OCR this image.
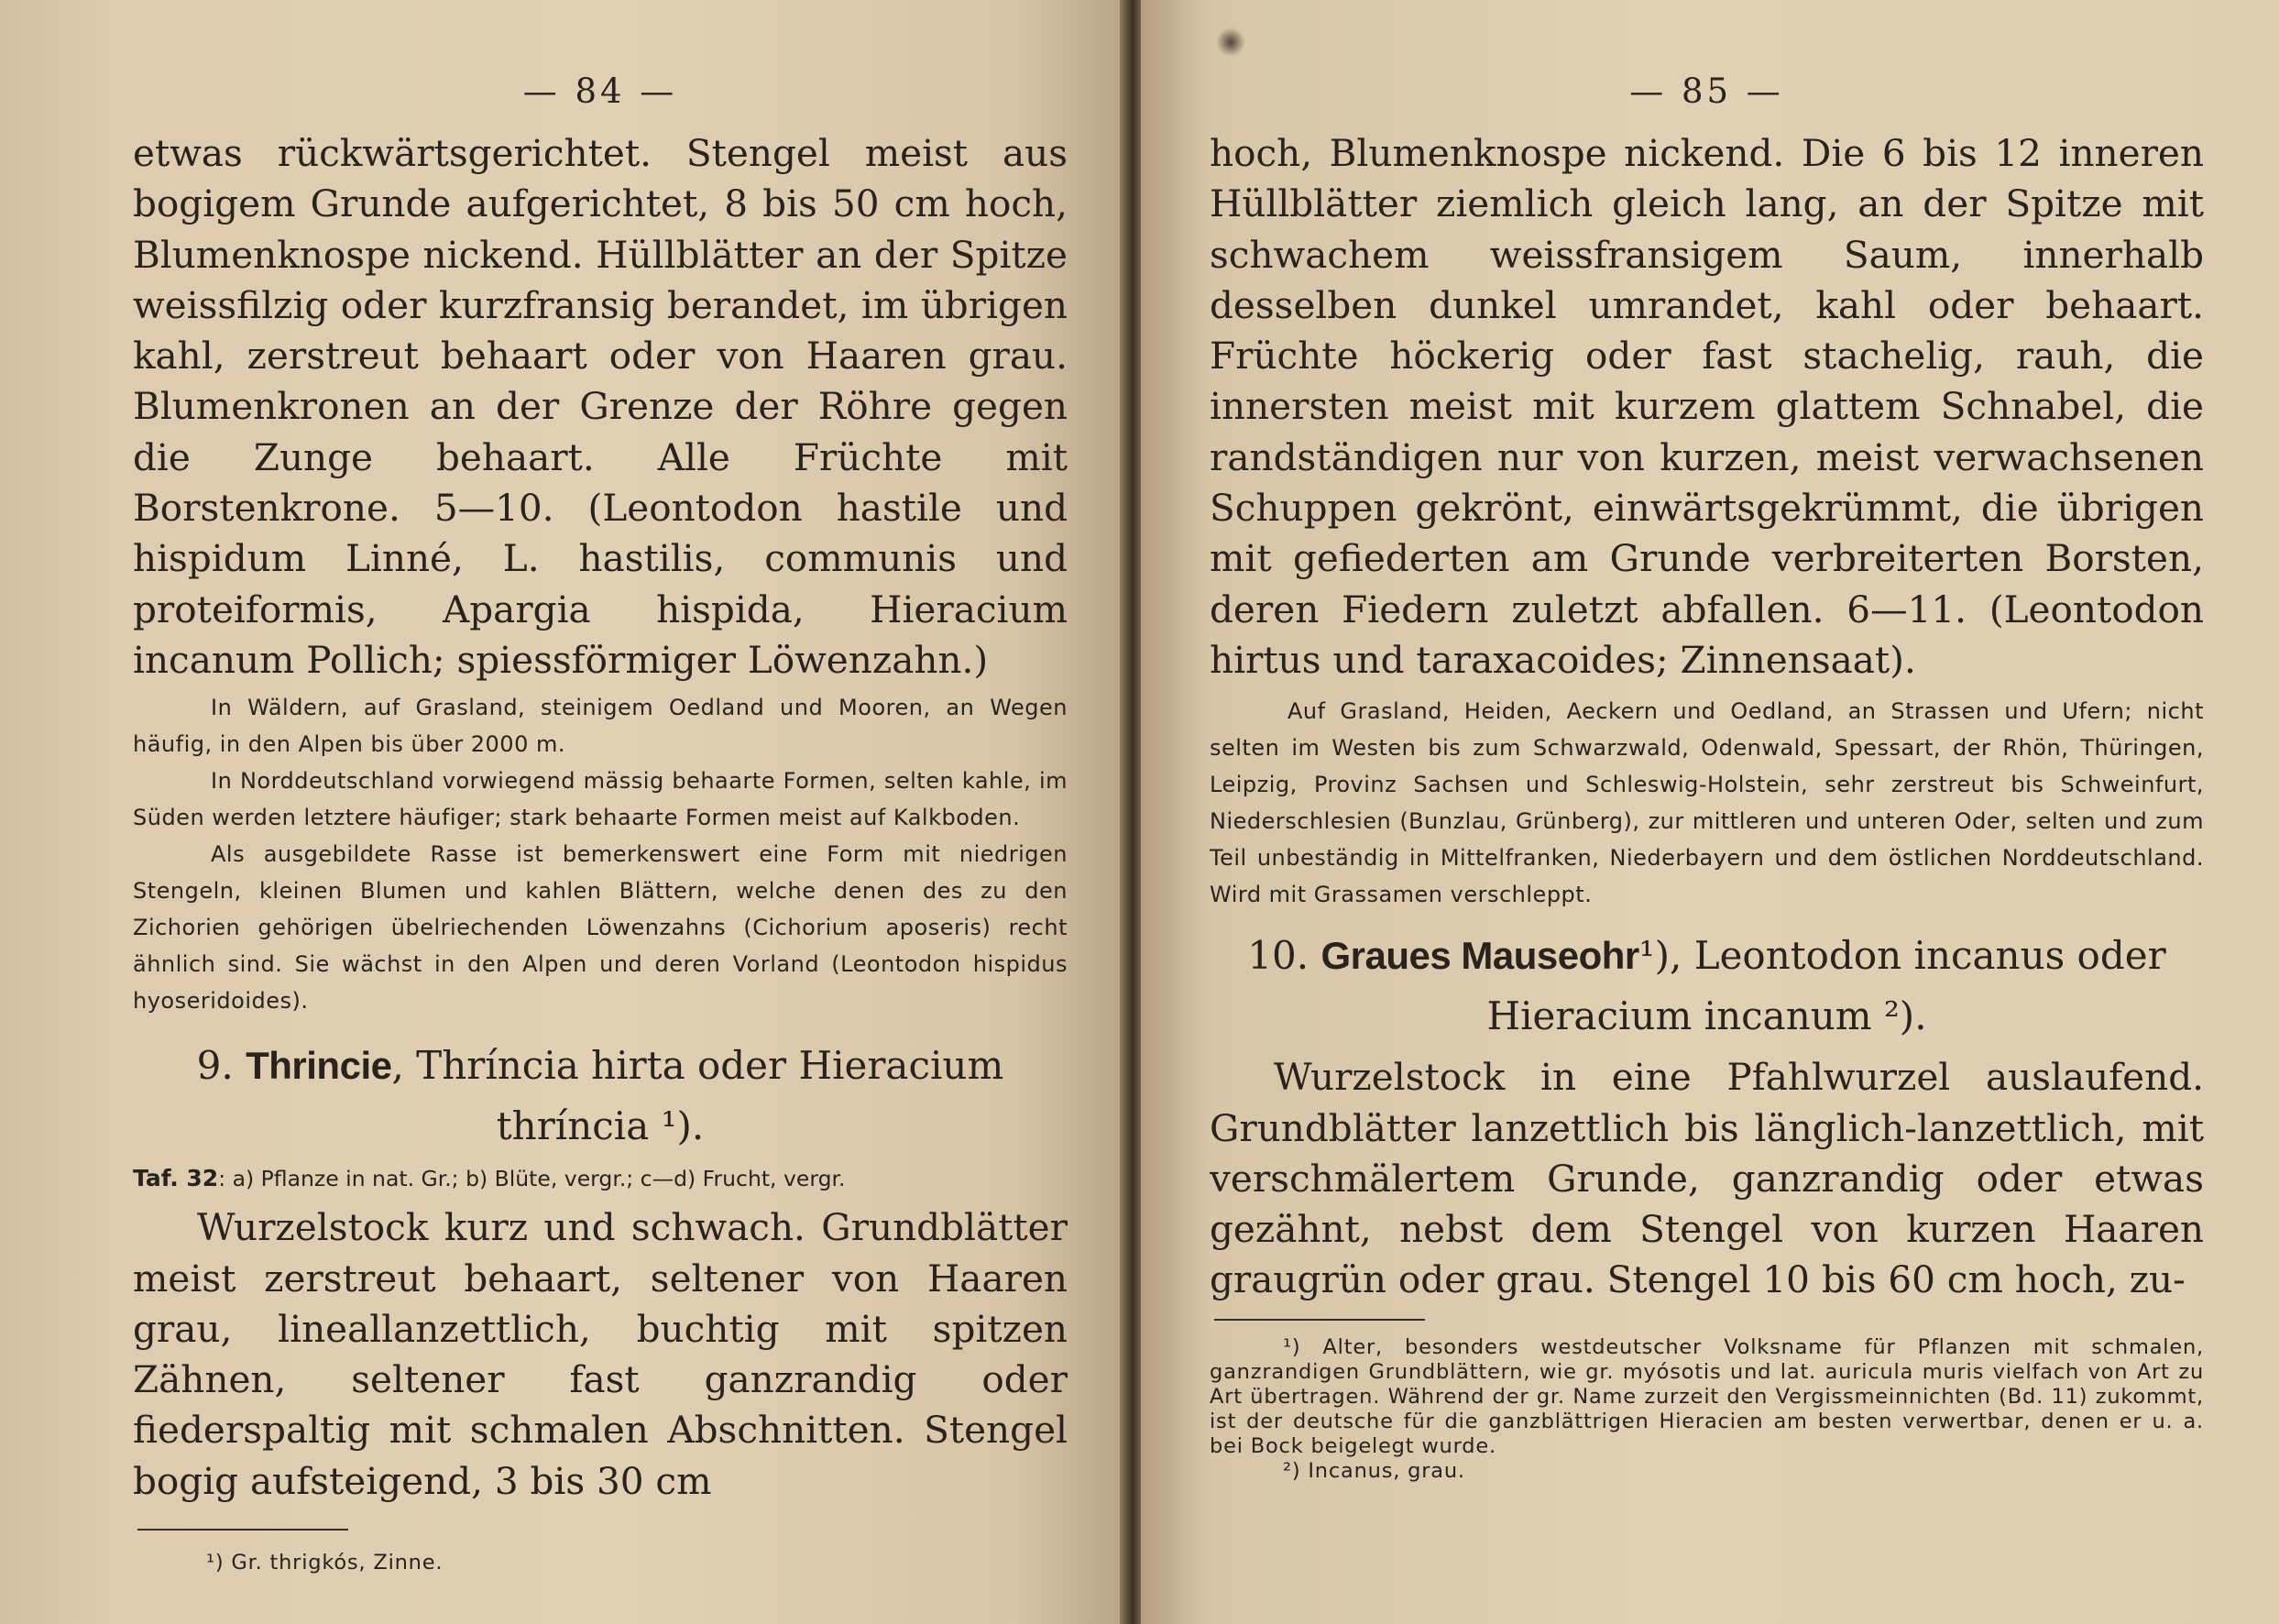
— 84 —

etwas rückwärtsgerichtet. Stengel meist aus bogigem Grunde aufgerichtet, 8 bis 50 cm hoch, Blumenknospe nickend. Hüllblätter an der Spitze weissfilzig oder kurzfransig berandet, im übrigen kahl, zerstreut behaart oder von Haaren grau. Blumenkronen an der Grenze der Röhre gegen die Zunge behaart. Alle Früchte mit Borstenkrone. 5—10. (Leontodon hastile und hispidum Linné, L. hastilis, communis und proteiformis, Apargia hispida, Hieracium incanum Pollich; spiessförmiger Löwenzahn.)

In Wäldern, auf Grasland, steinigem Oedland und Mooren, an Wegen häufig, in den Alpen bis über 2000 m.

In Norddeutschland vorwiegend mässig behaarte Formen, selten kahle, im Süden werden letztere häufiger; stark behaarte Formen meist auf Kalkboden.

Als ausgebildete Rasse ist bemerkenswert eine Form mit niedrigen Stengeln, kleinen Blumen und kahlen Blättern, welche denen des zu den Zichorien gehörigen übelriechenden Löwenzahns (Cichorium aposeris) recht ähnlich sind. Sie wächst in den Alpen und deren Vorland (Leontodon hispidus hyoseridoides).

9. Thrincie, Thríncia hirta oder Hieracium
thríncia ¹).

Taf. 32: a) Pflanze in nat. Gr.; b) Blüte, vergr.; c—d) Frucht, vergr.

Wurzelstock kurz und schwach. Grundblätter meist zerstreut behaart, seltener von Haaren grau, lineallanzettlich, buchtig mit spitzen Zähnen, seltener fast ganzrandig oder fiederspaltig mit schmalen Abschnitten. Stengel bogig aufsteigend, 3 bis 30 cm

¹) Gr. thrigkós, Zinne.

— 85 —

hoch, Blumenknospe nickend. Die 6 bis 12 inneren Hüllblätter ziemlich gleich lang, an der Spitze mit schwachem weissfransigem Saum, innerhalb desselben dunkel umrandet, kahl oder behaart. Früchte höckerig oder fast stachelig, rauh, die innersten meist mit kurzem glattem Schnabel, die randständigen nur von kurzen, meist verwachsenen Schuppen gekrönt, einwärtsgekrümmt, die übrigen mit gefiederten am Grunde verbreiterten Borsten, deren Fiedern zuletzt abfallen. 6—11. (Leontodon hirtus und taraxacoides; Zinnensaat).

Auf Grasland, Heiden, Aeckern und Oedland, an Strassen und Ufern; nicht selten im Westen bis zum Schwarzwald, Odenwald, Spessart, der Rhön, Thüringen, Leipzig, Provinz Sachsen und Schleswig-Holstein, sehr zerstreut bis Schweinfurt, Niederschlesien (Bunzlau, Grünberg), zur mittleren und unteren Oder, selten und zum Teil unbeständig in Mittelfranken, Niederbayern und dem östlichen Norddeutschland. Wird mit Grassamen verschleppt.

10. Graues Mauseohr¹), Leontodon incanus oder
Hieracium incanum ²).

Wurzelstock in eine Pfahlwurzel auslaufend. Grundblätter lanzettlich bis länglich-lanzettlich, mit verschmälertem Grunde, ganzrandig oder etwas gezähnt, nebst dem Stengel von kurzen Haaren graugrün oder grau. Stengel 10 bis 60 cm hoch, zu-

¹) Alter, besonders westdeutscher Volksname für Pflanzen mit schmalen, ganzrandigen Grundblättern, wie gr. myósotis und lat. auricula muris vielfach von Art zu Art übertragen. Während der gr. Name zurzeit den Vergissmeinnichten (Bd. 11) zukommt, ist der deutsche für die ganzblättrigen Hieracien am besten verwertbar, denen er u. a. bei Bock beigelegt wurde.

²) Incanus, grau.
